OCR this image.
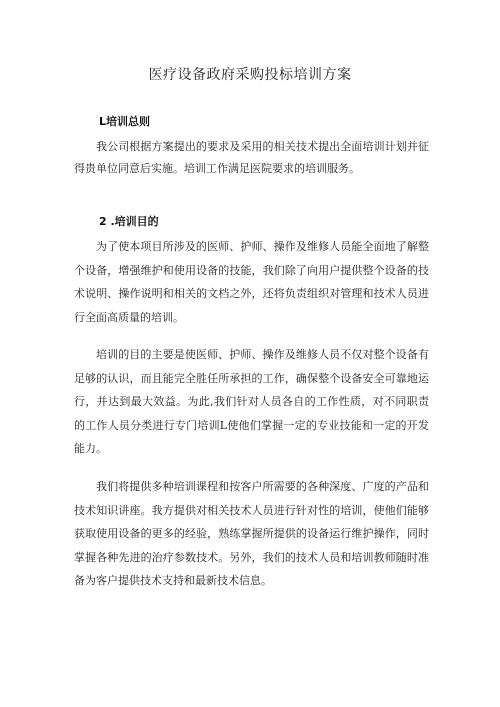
医疗设备政府采购投标培训方案
L培训总则
我公司根据方案提出的要求及采用的相关技术提出全面培训计划并征得贵单位同意后实施。培训工作满足医院要求的培训服务。
2 .培训目的
为了使本项目所涉及的医师、护师、操作及维修人员能全面地了解整个设备，增强维护和使用设备的技能，我们除了向用户提供整个设备的技术说明、操作说明和相关的文档之外，还将负责组织对管理和技术人员进行全面高质量的培训。
培训的目的主要是使医师、护师、操作及维修人员不仅对整个设备有足够的认识，而且能完全胜任所承担的工作，确保整个设备安全可靠地运行，并达到最大效益。为此,我们针对人员各自的工作性质，对不同职责的工作人员分类进行专门培训L使他们掌握一定的专业技能和一定的开发能力。
我们将提供多种培训课程和按客户所需要的各种深度、广度的产品和技术知识讲座。我方提供对相关技术人员进行针对性的培训，使他们能够获取使用设备的更多的经验，熟练掌握所提供的设备运行维护操作，同时掌握各种先进的治疗参数技术。另外，我们的技术人员和培训教师随时准备为客户提供技术支持和最新技术信息。
